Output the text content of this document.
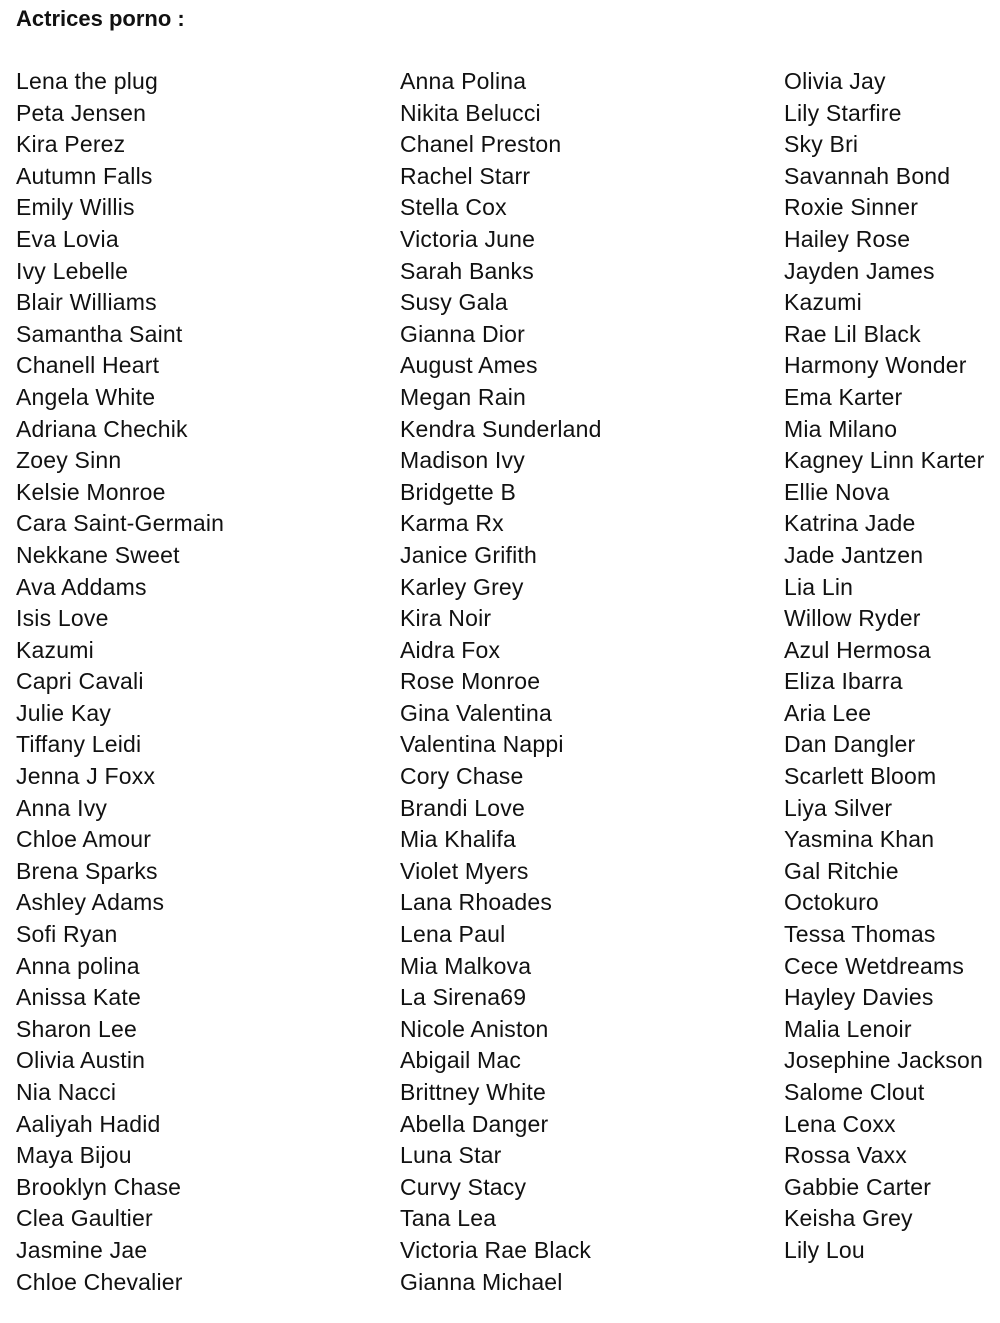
Actrices porno :
Lena the plug
Peta Jensen
Kira Perez
Autumn Falls
Emily Willis
Eva Lovia
Ivy Lebelle
Blair Williams
Samantha Saint
Chanell Heart
Angela White
Adriana Chechik
Zoey Sinn
Kelsie Monroe
Cara Saint-Germain
Nekkane Sweet
Ava Addams
Isis Love
Kazumi
Capri Cavali
Julie Kay
Tiffany Leidi
Jenna J Foxx
Anna Ivy
Chloe Amour
Brena Sparks
Ashley Adams
Sofi Ryan
Anna polina
Anissa Kate
Sharon Lee
Olivia Austin
Nia Nacci
Aaliyah Hadid
Maya Bijou
Brooklyn Chase
Clea Gaultier
Jasmine Jae
Chloe Chevalier
Anna Polina
Nikita Belucci
Chanel Preston
Rachel Starr
Stella Cox
Victoria June
Sarah Banks
Susy Gala
Gianna Dior
August Ames
Megan Rain
Kendra Sunderland
Madison Ivy
Bridgette B
Karma Rx
Janice Grifith
Karley Grey
Kira Noir
Aidra Fox
Rose Monroe
Gina Valentina
Valentina Nappi
Cory Chase
Brandi Love
Mia Khalifa
Violet Myers
Lana Rhoades
Lena Paul
Mia Malkova
La Sirena69
Nicole Aniston
Abigail Mac
Brittney White
Abella Danger
Luna Star
Curvy Stacy
Tana Lea
Victoria Rae Black
Gianna Michael
Olivia Jay
Lily Starfire
Sky Bri
Savannah Bond
Roxie Sinner
Hailey Rose
Jayden James
Kazumi
Rae Lil Black
Harmony Wonder
Ema Karter
Mia Milano
Kagney Linn Karter
Ellie Nova
Katrina Jade
Jade Jantzen
Lia Lin
Willow Ryder
Azul Hermosa
Eliza Ibarra
Aria Lee
Dan Dangler
Scarlett Bloom
Liya Silver
Yasmina Khan
Gal Ritchie
Octokuro
Tessa Thomas
Cece Wetdreams
Hayley Davies
Malia Lenoir
Josephine Jackson
Salome Clout
Lena Coxx
Rossa Vaxx
Gabbie Carter
Keisha Grey
Lily Lou
